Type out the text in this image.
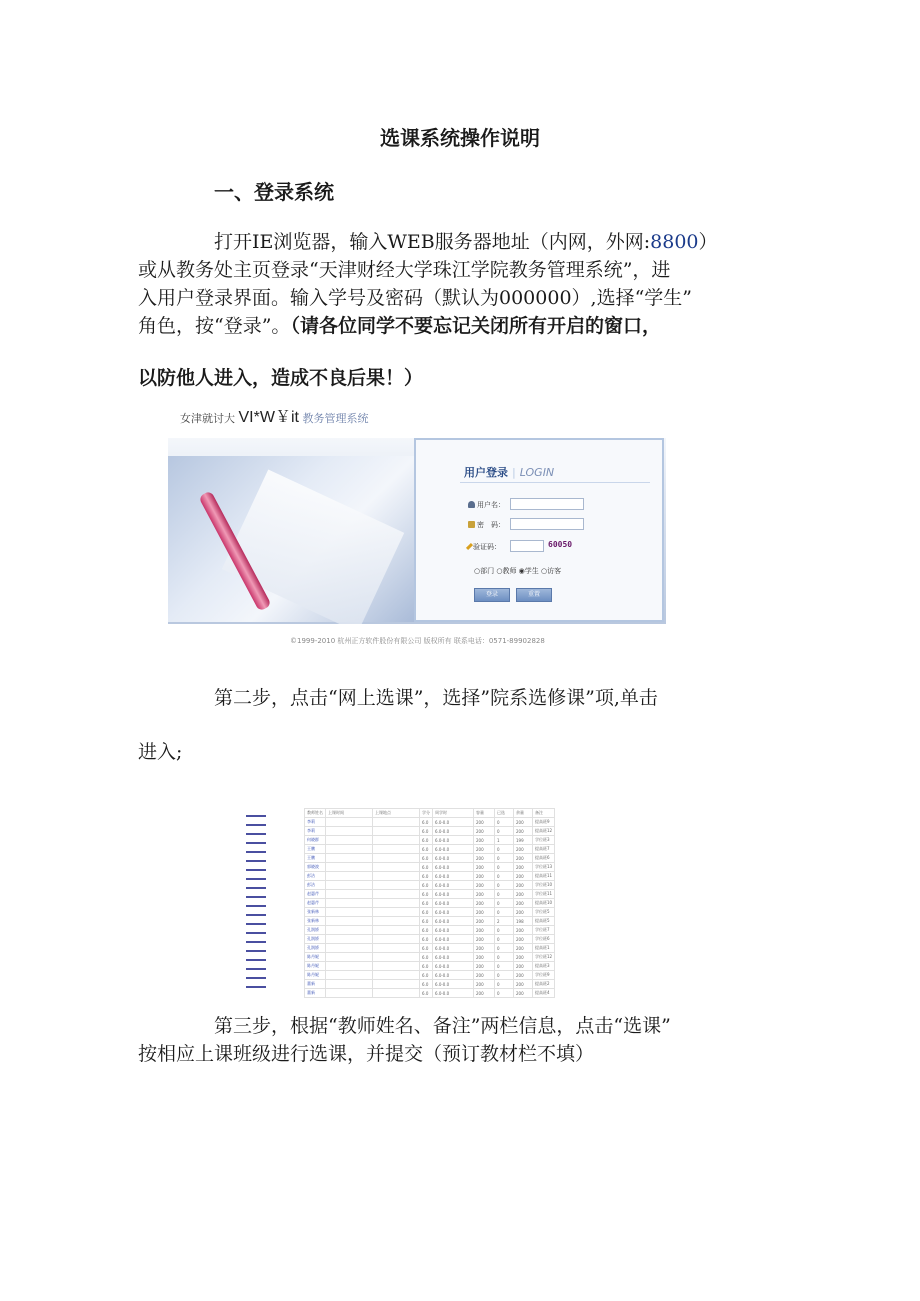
选课系统操作说明
一、登录系统
打开IE浏览器，输入WEB服务器地址（内网，外网:8800）
或从教务处主页登录“天津财经大学珠江学院教务管理系统”，进
入用户登录界面。输入学号及密码（默认为000000）,选择“学生”
角色，按“登录”。（请各位同学不要忘记关闭所有开启的窗口，
以防他人进入，造成不良后果！）
女津就讨大 VI*W￥it 教务管理系统
用户登录 | LOGIN
用户名：
密　码：
验证码：	60050
○部门 ○教师 ◉学生 ○访客
登录	重置
©1999-2010 杭州正方软件股份有限公司 版权所有 联系电话：0571-89902828
第二步，点击“网上选课”，选择”院系选修课”项,单击
进入;
教师姓名	上课时间	上课地点	学分	周学时	容量	已选	余量	备注
李莉			6.0	6.0-0.0	200	0	200	提高班9
李莉			6.0	6.0-0.0	200	0	200	提高班12
何晓群			6.0	6.0-0.0	200	1	199	学位班3
王鹏			6.0	6.0-0.0	200	0	200	提高班7
王鹏			6.0	6.0-0.0	200	0	200	提高班6
郭晓波			6.0	6.0-0.0	200	0	200	学位班13
彭洁			6.0	6.0-0.0	200	0	200	提高班11
彭洁			6.0	6.0-0.0	200	0	200	学位班10
赵惠芹			6.0	6.0-0.0	200	0	200	学位班11
赵惠芹			6.0	6.0-0.0	200	0	200	提高班10
张新林			6.0	6.0-0.0	200	0	200	学位班5
张新林			6.0	6.0-0.0	200	2	198	提高班5
孔润娇			6.0	6.0-0.0	200	0	200	学位班7
孔润娇			6.0	6.0-0.0	200	0	200	学位班6
孔润娇			6.0	6.0-0.0	200	0	200	提高班1
陈丹妮			6.0	6.0-0.0	200	0	200	学位班12
陈丹妮			6.0	6.0-0.0	200	0	200	提高班3
陈丹妮			6.0	6.0-0.0	200	0	200	学位班9
董新			6.0	6.0-0.0	200	0	200	提高班2
董新			6.0	6.0-0.0	200	0	200	提高班4
第三步，根据“教师姓名、备注”两栏信息，点击“选课”
按相应上课班级进行选课，并提交（预订教材栏不填）
